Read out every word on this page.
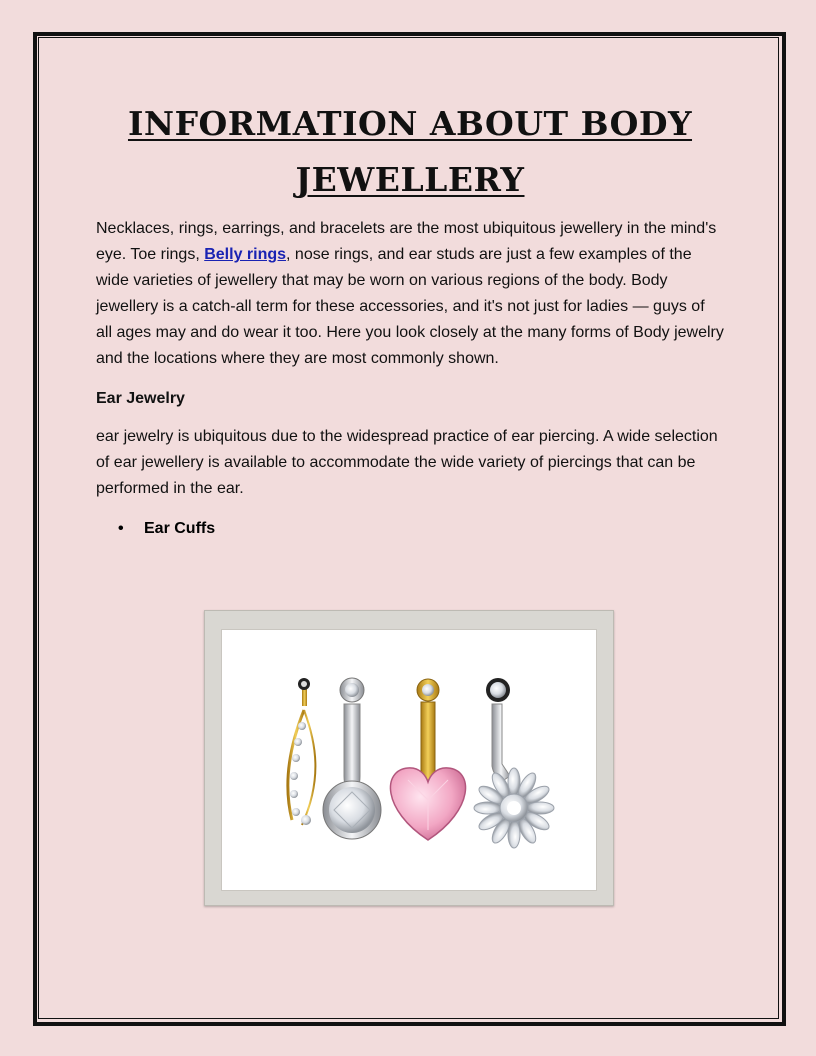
INFORMATION ABOUT BODY
JEWELLERY

Necklaces, rings, earrings, and bracelets are the most ubiquitous jewellery in the mind's eye. Toe rings, Belly rings, nose rings, and ear studs are just a few examples of the wide varieties of jewellery that may be worn on various regions of the body. Body jewellery is a catch-all term for these accessories, and it's not just for ladies — guys of all ages may and do wear it too. Here you look closely at the many forms of Body jewelry and the locations where they are most commonly shown.

Ear Jewelry

ear jewelry is ubiquitous due to the widespread practice of ear piercing. A wide selection of ear jewellery is available to accommodate the wide variety of piercings that can be performed in the ear.

• Ear Cuffs
